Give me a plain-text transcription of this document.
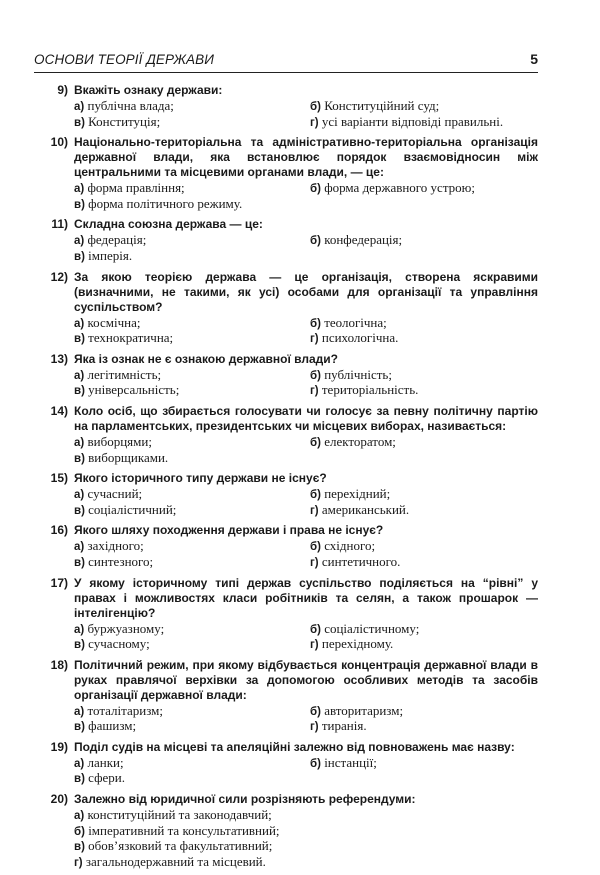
ОСНОВИ ТЕОРІЇ ДЕРЖАВИ	5
9) Вкажіть ознаку держави:
а) публічна влада;	б) Конституційний суд;
в) Конституція;	г) усі варіанти відповіді правильні.
10) Національно-територіальна та адміністративно-територіальна організація державної влади, яка встановлює порядок взаємовідносин між центральними та місцевими органами влади, — це:
а) форма правління;	б) форма державного устрою;
в) форма політичного режиму.
11) Складна союзна держава — це:
а) федерація;	б) конфедерація;
в) імперія.
12) За якою теорією держава — це організація, створена яскравими (визначними, не такими, як усі) особами для організації та управління суспільством?
а) космічна;	б) теологічна;
в) технократична;	г) психологічна.
13) Яка із ознак не є ознакою державної влади?
а) легітимність;	б) публічність;
в) універсальність;	г) територіальність.
14) Коло осіб, що збирається голосувати чи голосує за певну політичну партію на парламентських, президентських чи місцевих виборах, називається:
а) виборцями;	б) електоратом;
в) виборщиками.
15) Якого історичного типу держави не існує?
а) сучасний;	б) перехідний;
в) соціалістичний;	г) американський.
16) Якого шляху походження держави і права не існує?
а) західного;	б) східного;
в) синтезного;	г) синтетичного.
17) У якому історичному типі держав суспільство поділяється на “рівні” у правах і можливостях класи робітників та селян, а також прошарок — інтелігенцію?
а) буржуазному;	б) соціалістичному;
в) сучасному;	г) перехідному.
18) Політичний режим, при якому відбувається концентрація державної влади в руках правлячої верхівки за допомогою особливих методів та засобів організації державної влади:
а) тоталітаризм;	б) авторитаризм;
в) фашизм;	г) тиранія.
19) Поділ судів на місцеві та апеляційні залежно від повноважень має назву:
а) ланки;	б) інстанції;
в) сфери.
20) Залежно від юридичної сили розрізняють референдуми:
а) конституційний та законодавчий;
б) імперативний та консультативний;
в) обов’язковий та факультативний;
г) загальнодержавний та місцевий.
